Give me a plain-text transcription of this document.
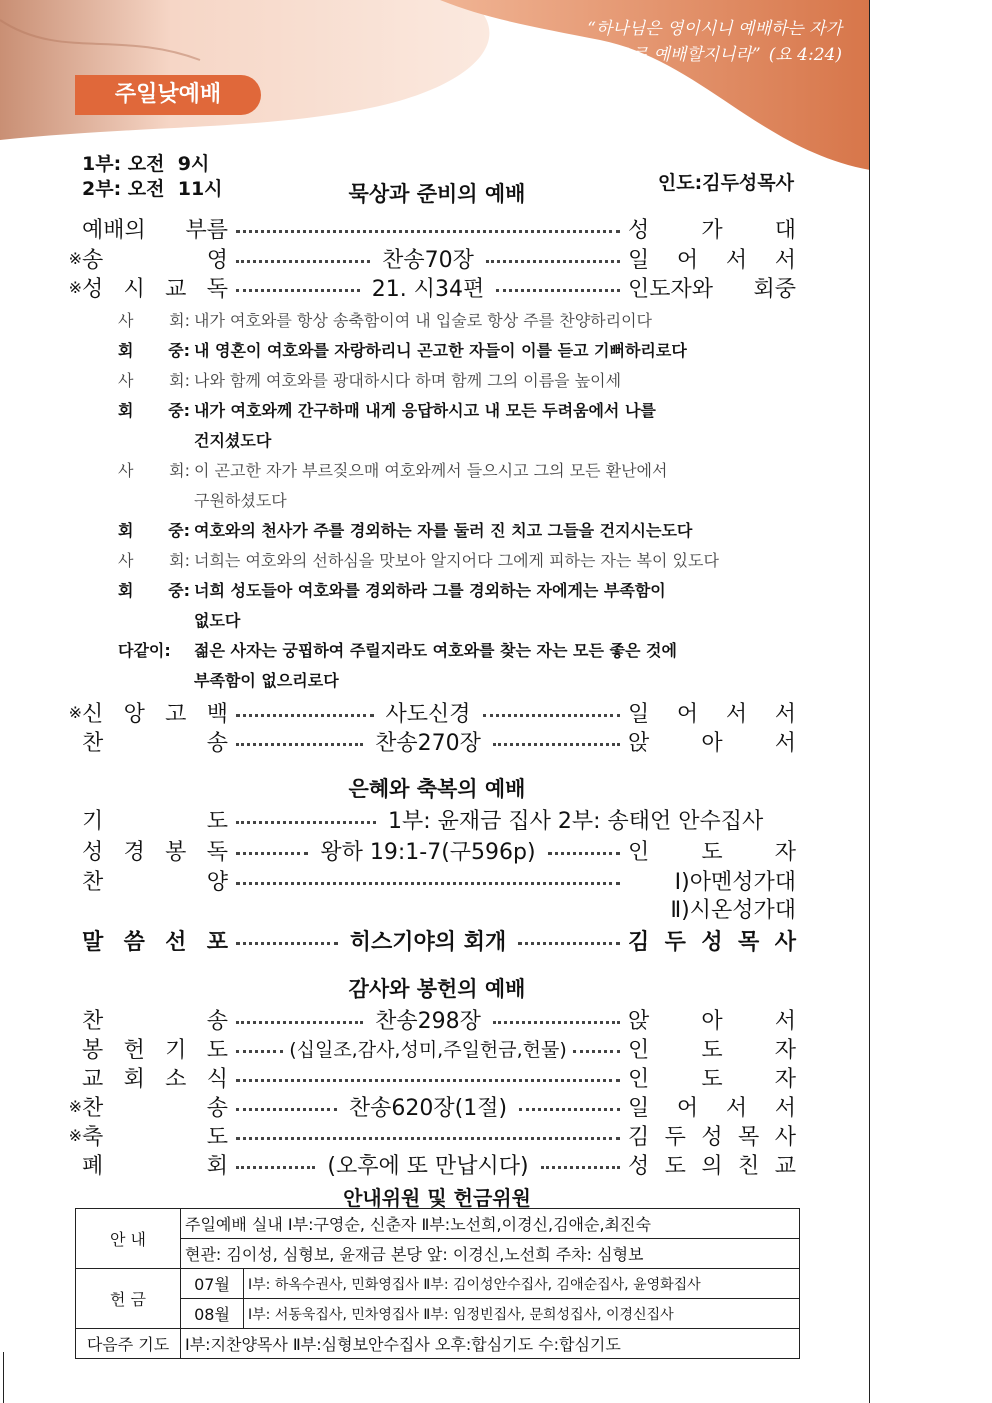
“하나님은 영이시니 예배하는 자가
신령과 진정으로 예배할지니라” (요 4:24)
주일낮예배
1부: 오전  9시
2부: 오전  11시	인도:김두성목사
묵상과 준비의 예배
예배의 부름	성 가 대
※ 송	영	찬송70장	일 어 서 서
※ 성 시 교 독	21. 시34편	인도자와 회중
사 회: 내가 여호와를 항상 송축함이여 내 입술로 항상 주를 찬양하리이다
회 중: 내 영혼이 여호와를 자랑하리니 곤고한 자들이 이를 듣고 기뻐하리로다
사 회: 나와 함께 여호와를 광대하시다 하며 함께 그의 이름을 높이세
회 중: 내가 여호와께 간구하매 내게 응답하시고 내 모든 두려움에서 나를
건지셨도다
사 회: 이 곤고한 자가 부르짖으매 여호와께서 들으시고 그의 모든 환난에서
구원하셨도다
회 중: 여호와의 천사가 주를 경외하는 자를 둘러 진 치고 그들을 건지시는도다
사 회: 너희는 여호와의 선하심을 맛보아 알지어다 그에게 피하는 자는 복이 있도다
회 중: 너희 성도들아 여호와를 경외하라 그를 경외하는 자에게는 부족함이
없도다
다같이:	젊은 사자는 궁핍하여 주릴지라도 여호와를 찾는 자는 모든 좋은 것에
부족함이 없으리로다
※ 신 앙 고 백	사도신경	일 어 서 서
찬	송	찬송270장	앉 아 서
은혜와 축복의 예배
기	도	1부: 윤재금 집사 2부: 송태언 안수집사
성 경 봉 독	왕하 19:1-7(구596p)	인 도 자
찬	양	Ⅰ)아멘성가대
Ⅱ)시온성가대
말 씀 선 포	히스기야의 회개	김 두 성 목 사
감사와 봉헌의 예배
찬	송	찬송298장	앉 아 서
봉 헌 기 도	(십일조,감사,성미,주일헌금,헌물)	인 도 자
교 회 소 식	인 도 자
※ 찬	송	찬송620장(1절)	일 어 서 서
※ 축	도	김 두 성 목 사
폐	회	(오후에 또 만납시다)	성 도 의 친 교
안내위원 및 헌금위원
안 내	주일예배 실내 Ⅰ부:구영순, 신춘자 Ⅱ부:노선희,이경신,김애순,최진숙	
	현관: 김이성, 심형보, 윤재금 본당 앞: 이경신,노선희 주차: 심형보	
헌 금	07월	Ⅰ부: 하옥수권사, 민화영집사 Ⅱ부: 김이성안수집사, 김애순집사, 윤영화집사
	08월	Ⅰ부: 서동욱집사, 민차영집사 Ⅱ부: 임정빈집사, 문희성집사, 이경신집사
다음주 기도	Ⅰ부:지찬양목사 Ⅱ부:심형보안수집사 오후:합심기도 수:합심기도	
